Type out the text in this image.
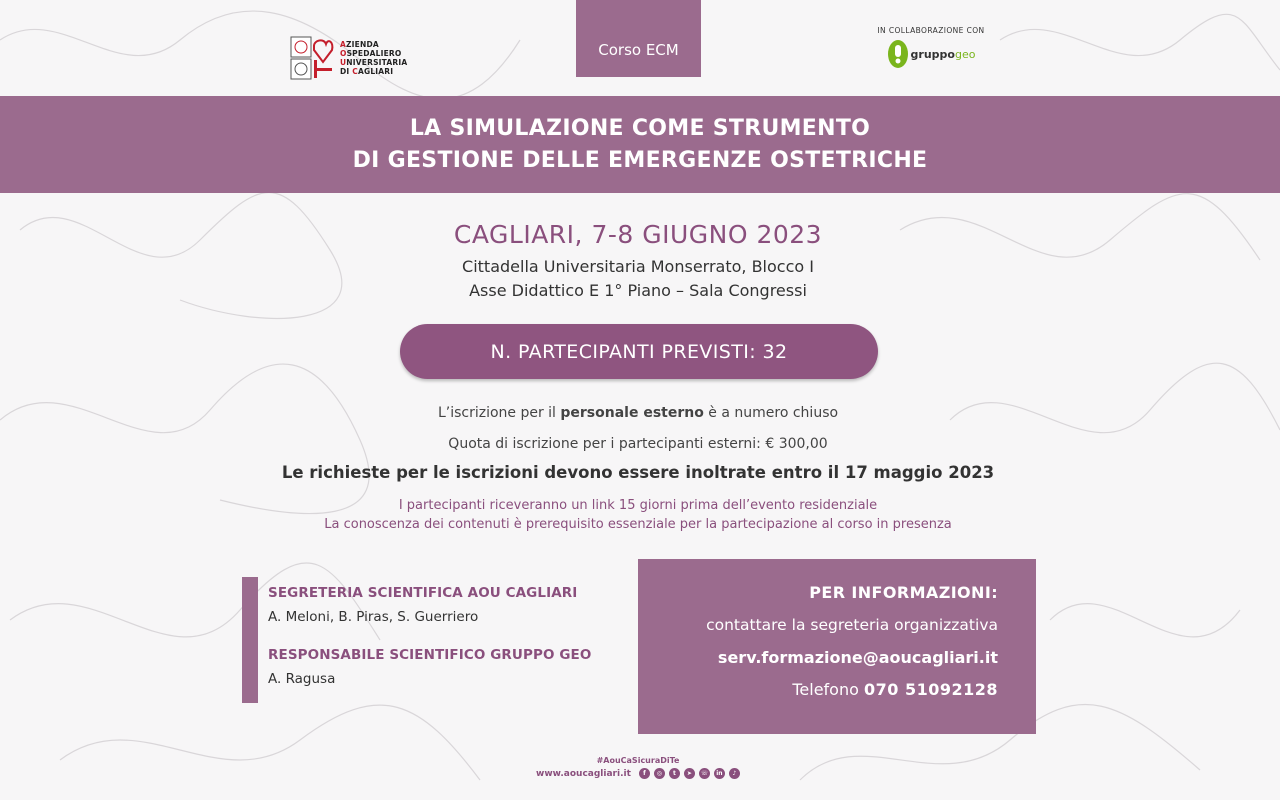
AZIENDA
OSPEDALIERO
UNIVERSITARIA
DI CAGLIARI
Corso ECM
IN COLLABORAZIONE CON
gruppogeo
LA SIMULAZIONE COME STRUMENTO
DI GESTIONE DELLE EMERGENZE OSTETRICHE
CAGLIARI, 7-8 GIUGNO 2023
Cittadella Universitaria Monserrato, Blocco I
Asse Didattico E 1° Piano – Sala Congressi
N. PARTECIPANTI PREVISTI: 32
L’iscrizione per il personale esterno è a numero chiuso
Quota di iscrizione per i partecipanti esterni: € 300,00
Le richieste per le iscrizioni devono essere inoltrate entro il 17 maggio 2023
I partecipanti riceveranno un link 15 giorni prima dell’evento residenziale
La conoscenza dei contenuti è prerequisito essenziale per la partecipazione al corso in presenza
SEGRETERIA SCIENTIFICA AOU CAGLIARI
A. Meloni, B. Piras, S. Guerriero
RESPONSABILE SCIENTIFICO GRUPPO GEO
A. Ragusa
PER INFORMAZIONI:
contattare la segreteria organizzativa
serv.formazione@aoucagliari.it
Telefono 070 51092128
#AouCaSicuraDiTe
www.aoucagliari.it	f	◎	t	➤	☏	in	♪
